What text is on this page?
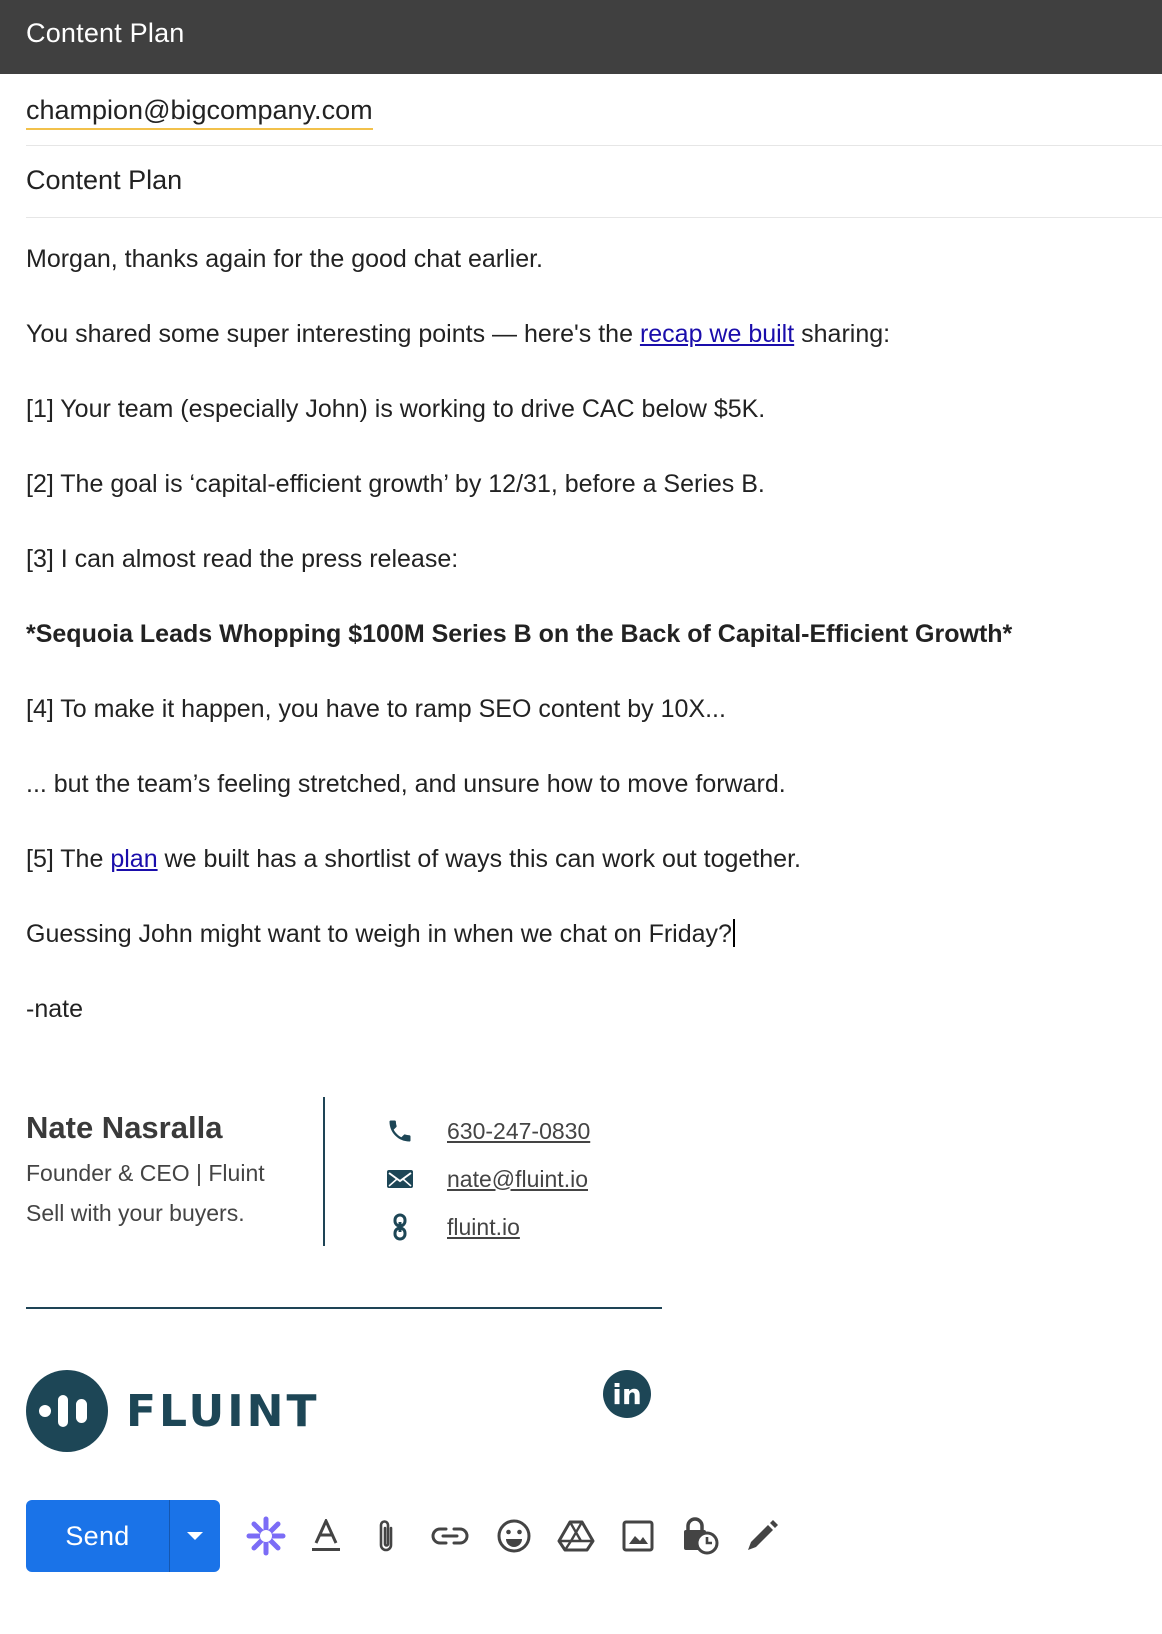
Content Plan
champion@bigcompany.com
Content Plan
Morgan, thanks again for the good chat earlier.
You shared some super interesting points — here's the recap we built sharing:
[1] Your team (especially John) is working to drive CAC below $5K.
[2] The goal is ‘capital-efficient growth’ by 12/31, before a Series B.
[3] I can almost read the press release:
*Sequoia Leads Whopping $100M Series B on the Back of Capital-Efficient Growth*
[4] To make it happen, you have to ramp SEO content by 10X...
... but the team’s feeling stretched, and unsure how to move forward.
[5] The plan we built has a shortlist of ways this can work out together.
Guessing John might want to weigh in when we chat on Friday?
-nate
Nate Nasralla
Founder & CEO | Fluint
Sell with your buyers.
630-247-0830
nate@fluint.io
fluint.io
FLUINT	in
Send
